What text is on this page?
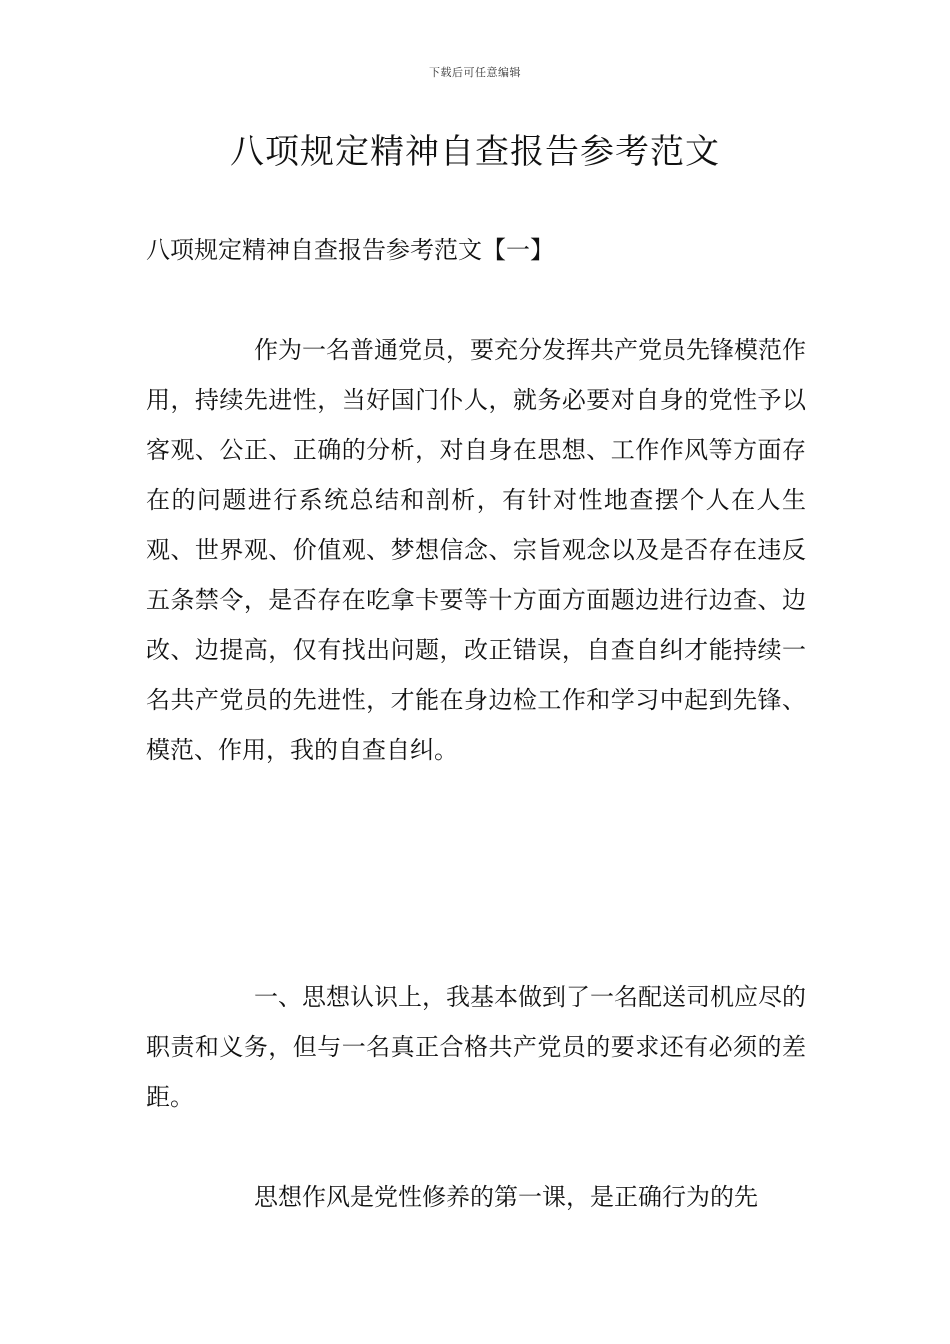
下载后可任意编辑
八项规定精神自查报告参考范文
八项规定精神自查报告参考范文【一】

作为一名普通党员，要充分发挥共产党员先锋模范作用，持续先进性，当好国门仆人，就务必要对自身的党性予以客观、公正、正确的分析，对自身在思想、工作作风等方面存在的问题进行系统总结和剖析，有针对性地查摆个人在人生观、世界观、价值观、梦想信念、宗旨观念以及是否存在违反五条禁令，是否存在吃拿卡要等十方面方面题边进行边查、边改、边提高，仅有找出问题，改正错误，自查自纠才能持续一名共产党员的先进性，才能在身边检工作和学习中起到先锋、模范、作用，我的自查自纠。

一、思想认识上，我基本做到了一名配送司机应尽的职责和义务，但与一名真正合格共产党员的要求还有必须的差距。

思想作风是党性修养的第一课，是正确行为的先
